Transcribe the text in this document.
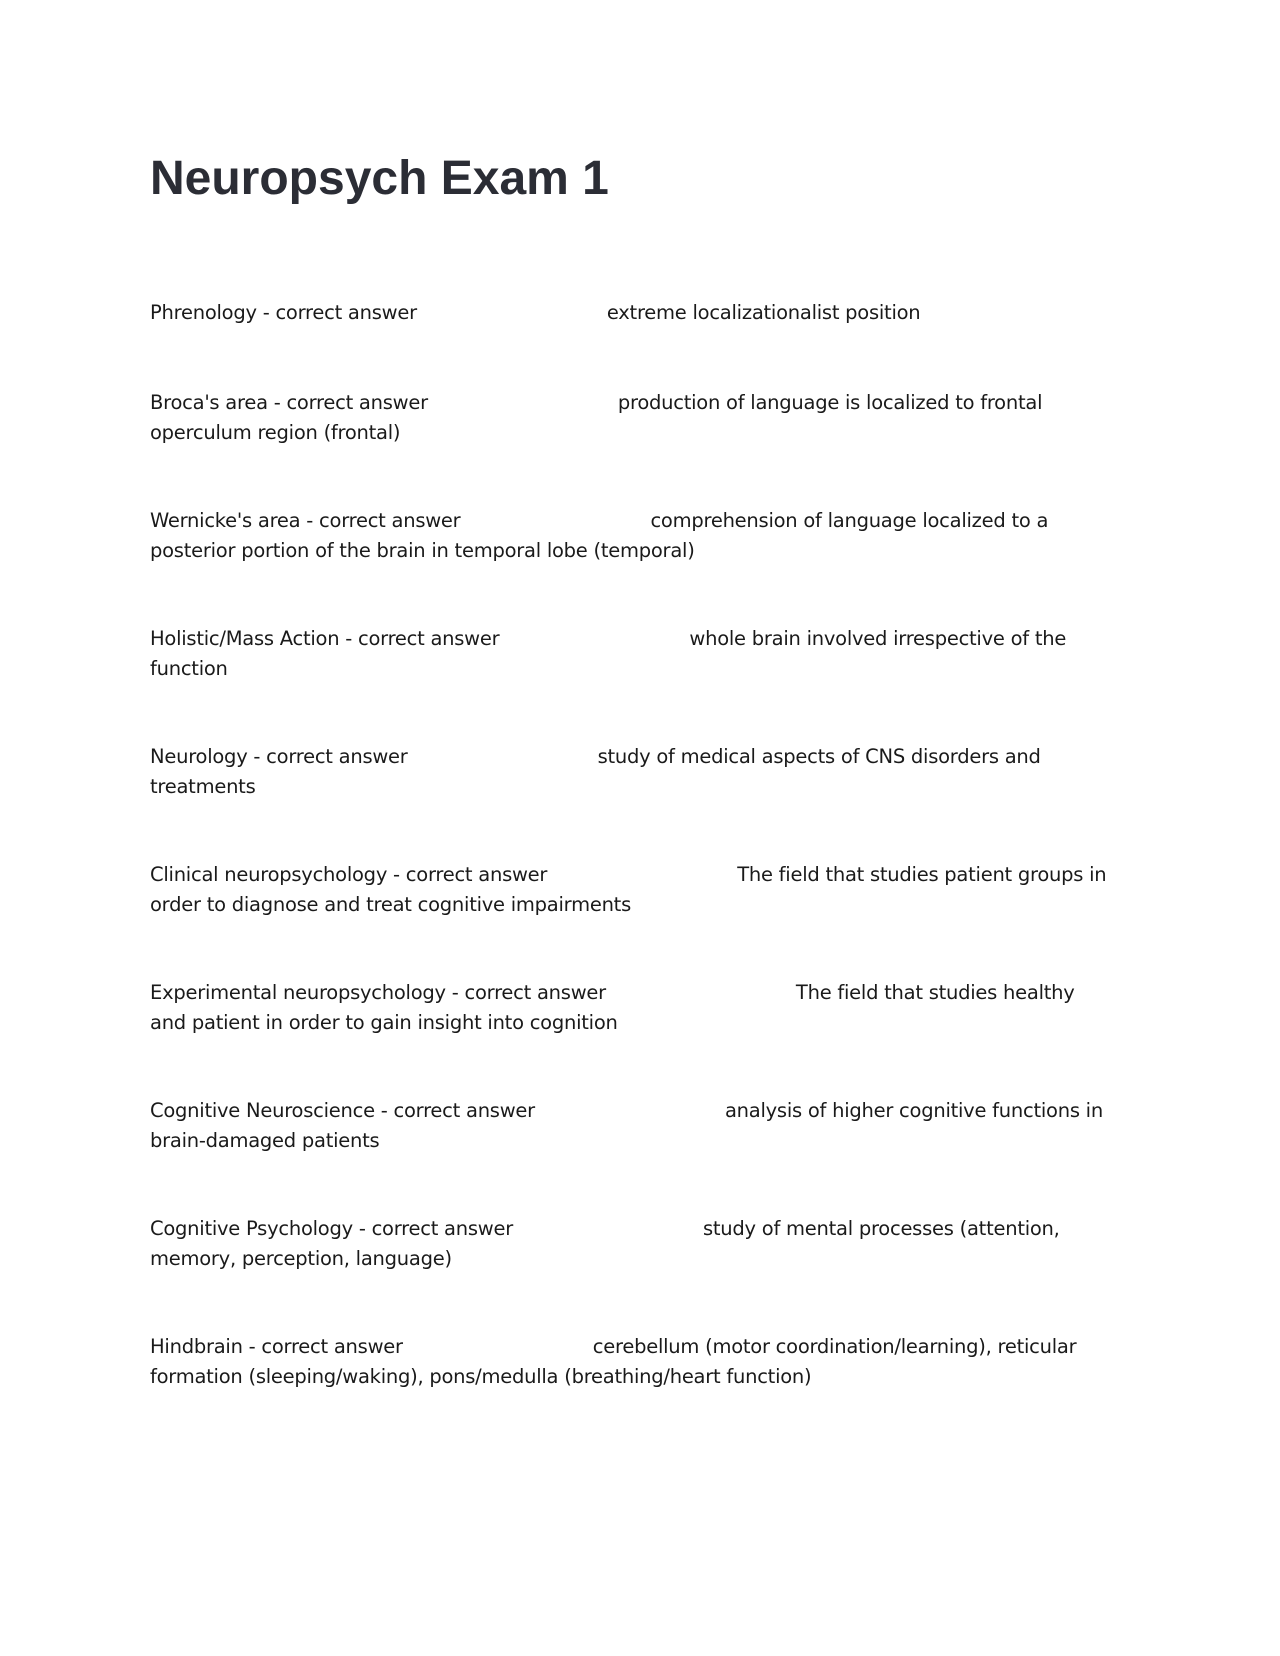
Neuropsych Exam 1

Phrenology - correct answer	extreme localizationalist position

Broca's area - correct answer	production of language is localized to frontal operculum region (frontal)

Wernicke's area - correct answer	comprehension of language localized to a posterior portion of the brain in temporal lobe (temporal)

Holistic/Mass Action - correct answer	whole brain involved irrespective of the function

Neurology - correct answer	study of medical aspects of CNS disorders and treatments

Clinical neuropsychology - correct answer	The field that studies patient groups in order to diagnose and treat cognitive impairments

Experimental neuropsychology - correct answer	The field that studies healthy and patient in order to gain insight into cognition

Cognitive Neuroscience - correct answer	analysis of higher cognitive functions in brain-damaged patients

Cognitive Psychology - correct answer	study of mental processes (attention, memory, perception, language)

Hindbrain - correct answer	cerebellum (motor coordination/learning), reticular formation (sleeping/waking), pons/medulla (breathing/heart function)
